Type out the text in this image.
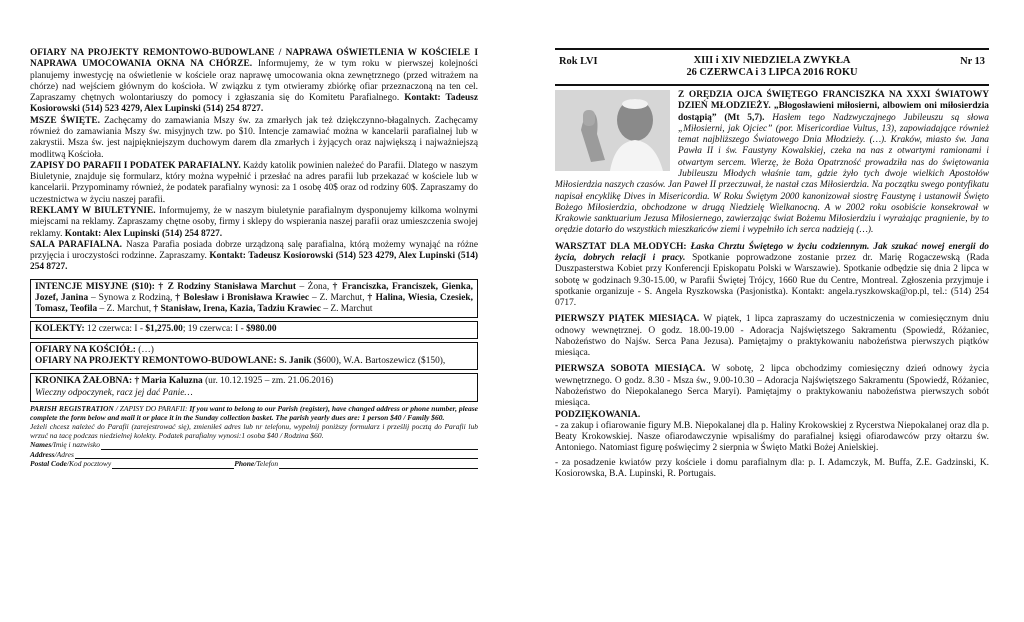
OFIARY NA PROJEKTY REMONTOWO-BUDOWLANE / NAPRAWA OŚWIETLENIA W KOŚCIELE I NAPRAWA UMOCOWANIA OKNA NA CHÓRZE. Informujemy, że w tym roku w pierwszej kolejności planujemy inwestycję na oświetlenie w kościele oraz naprawę umocowania okna zewnętrznego (przed witrażem na chórze) nad wejściem głównym do kościoła. W związku z tym otwieramy zbiórkę ofiar przeznaczoną na ten cel. Zapraszamy chętnych wolontariuszy do pomocy i zgłaszania się do Komitetu Parafialnego. Kontakt: Tadeusz Kosiorowski (514) 523 4279, Alex Lupinski (514) 254 8727.

MSZE ŚWIĘTE. Zachęcamy do zamawiania Mszy św. za zmarłych jak też dziękczynno-błagalnych. Zachęcamy również do zamawiania Mszy św. misyjnych tzw. po $10. Intencje zamawiać można w kancelarii parafialnej lub w zakrystii. Msza św. jest najpiękniejszym duchowym darem dla zmarłych i żyjących oraz największą i najważniejszą modlitwą Kościoła.

ZAPISY DO PARAFII I PODATEK PARAFIALNY. Każdy katolik powinien należeć do Parafii. Dlatego w naszym Biuletynie, znajduje się formularz, który można wypełnić i przesłać na adres parafii lub przekazać w kościele lub w kancelarii. Przypominamy również, że podatek parafialny wynosi: za 1 osobę 40$ oraz od rodziny 60$. Zapraszamy do uczestnictwa w życiu naszej parafii.

REKLAMY W BIULETYNIE. Informujemy, że w naszym biuletynie parafialnym dysponujemy kilkoma wolnymi miejscami na reklamy. Zapraszamy chętne osoby, firmy i sklepy do wspierania naszej parafii oraz umieszczenia swojej reklamy. Kontakt: Alex Lupinski (514) 254 8727.

SALA PARAFIALNA. Nasza Parafia posiada dobrze urządzoną salę parafialna, którą możemy wynająć na różne przyjęcia i uroczystości rodzinne. Zapraszamy. Kontakt: Tadeusz Kosiorowski (514) 523 4279, Alex Lupinski (514) 254 8727.

INTENCJE MISYJNE ($10): † Z Rodziny Stanisława Marchut – Żona, † Franciszka, Franciszek, Gienka, Jozef, Janina – Synowa z Rodziną, † Bolesław i Bronisława Krawiec – Z. Marchut, † Halina, Wiesia, Czesiek, Tomasz, Teofila – Z. Marchut, † Stanisław, Irena, Kazia, Tadziu Krawiec – Z. Marchut

KOLEKTY: 12 czerwca: I - $1,275.00; 19 czerwca: I - $980.00

OFIARY NA KOŚCIÓŁ: (…)

OFIARY NA PROJEKTY REMONTOWO-BUDOWLANE: S. Janik ($600), W.A. Bartoszewicz ($150),

KRONIKA ŻAŁOBNA: † Maria Kaluzna (ur. 10.12.1925 – zm. 21.06.2016)

Wieczny odpoczynek, racz jej dać Panie…

PARISH REGISTRATION / ZAPISY DO PARAFII: If you want to belong to our Parish (register), have changed address or phone number, please complete the form below and mail it or place it in the Sunday collection basket. The parish yearly dues are: 1 person $40 / Family $60.

Jeżeli chcesz należeć do Parafii (zarejestrować się), zmieniłeś adres lub nr telefonu, wypełnij poniższy formularz i prześlij pocztą do Parafii lub wrzuć na tacę podczas niedzielnej kolekty. Podatek parafialny wynosi:1 osoba $40 / Rodzina $60.

Names/Imię i nazwisko
Address/Adres
Postal Code/Kod pocztowy	Phone/Telefon
Rok LVI	XIII i XIV NIEDZIELA ZWYKŁA
26 CZERWCA i 3 LIPCA 2016 ROKU
Nr 13

Z ORĘDZIA OJCA ŚWIĘTEGO FRANCISZKA NA XXXI ŚWIATOWY DZIEŃ MŁODZIEŻY. „Błogosławieni miłosierni, albowiem oni miłosierdzia dostąpią” (Mt 5,7). Hasłem tego Nadzwyczajnego Jubileuszu są słowa „Miłosierni, jak Ojciec” (por. Misericordiae Vultus, 13), zapowiadające również temat najbliższego Światowego Dnia Młodzieży. (…). Kraków, miasto św. Jana Pawła II i św. Faustyny Kowalskiej, czeka na nas z otwartymi ramionami i otwartym sercem. Wierzę, że Boża Opatrzność prowadziła nas do świętowania Jubileuszu Młodych właśnie tam, gdzie żyło tych dwoje wielkich Apostołów Miłosierdzia naszych czasów. Jan Paweł II przeczuwał, że nastał czas Miłosierdzia. Na początku swego pontyfikatu napisał encyklikę Dives in Misericordia. W Roku Świętym 2000 kanonizował siostrę Faustynę i ustanowił Święto Bożego Miłosierdzia, obchodzone w drugą Niedzielę Wielkanocną. A w 2002 roku osobiście konsekrował w Krakowie sanktuarium Jezusa Miłosiernego, zawierzając świat Bożemu Miłosierdziu i wyrażając pragnienie, by to orędzie dotarło do wszystkich mieszkańców ziemi i wypełniło ich serca nadzieją (…).

WARSZTAT DLA MŁODYCH: Łaska Chrztu Świętego w życiu codziennym. Jak szukać nowej energii do życia, dobrych relacji i pracy. Spotkanie poprowadzone zostanie przez dr. Marię Rogaczewską (Rada Duszpasterstwa Kobiet przy Konferencji Episkopatu Polski w Warszawie). Spotkanie odbędzie się dnia 2 lipca w sobotę w godzinach 9.30-15.00, w Parafii Świętej Trójcy, 1660 Rue du Centre, Montreal. Zgłoszenia przyjmuje i spotkanie organizuje - S. Angela Ryszkowska (Pasjonistka). Kontakt: angela.ryszkowska@op.pl, tel.: (514) 254 0717.

PIERWSZY PIĄTEK MIESIĄCA. W piątek, 1 lipca zapraszamy do uczestniczenia w comiesięcznym dniu odnowy wewnętrznej. O godz. 18.00-19.00 - Adoracja Najświętszego Sakramentu (Spowiedź, Różaniec, Nabożeństwo do Najśw. Serca Pana Jezusa). Pamiętajmy o praktykowaniu nabożeństwa pierwszych piątków miesiąca.

PIERWSZA SOBOTA MIESIĄCA. W sobotę, 2 lipca obchodzimy comiesięczny dzień odnowy życia wewnętrznego. O godz. 8.30 - Msza św., 9.00-10.30 – Adoracja Najświętszego Sakramentu (Spowiedź, Różaniec, Nabożeństwo do Niepokalanego Serca Maryi). Pamiętajmy o praktykowaniu nabożeństwa pierwszych sobót miesiąca.

PODZIĘKOWANIA.

- za zakup i ofiarowanie figury M.B. Niepokalanej dla p. Haliny Krokowskiej z Rycerstwa Niepokalanej oraz dla p. Beaty Krokowskiej. Nasze ofiarodawczynie wpisaliśmy do parafialnej księgi ofiarodawców przy ołtarzu św. Antoniego. Natomiast figurę poświęcimy 2 sierpnia w Święto Matki Bożej Anielskiej.

- za posadzenie kwiatów przy kościele i domu parafialnym dla: p. I. Adamczyk, M. Buffa, Z.E. Gadzinski, K. Kosiorowska, B.A. Lupinski, R. Portugais.
